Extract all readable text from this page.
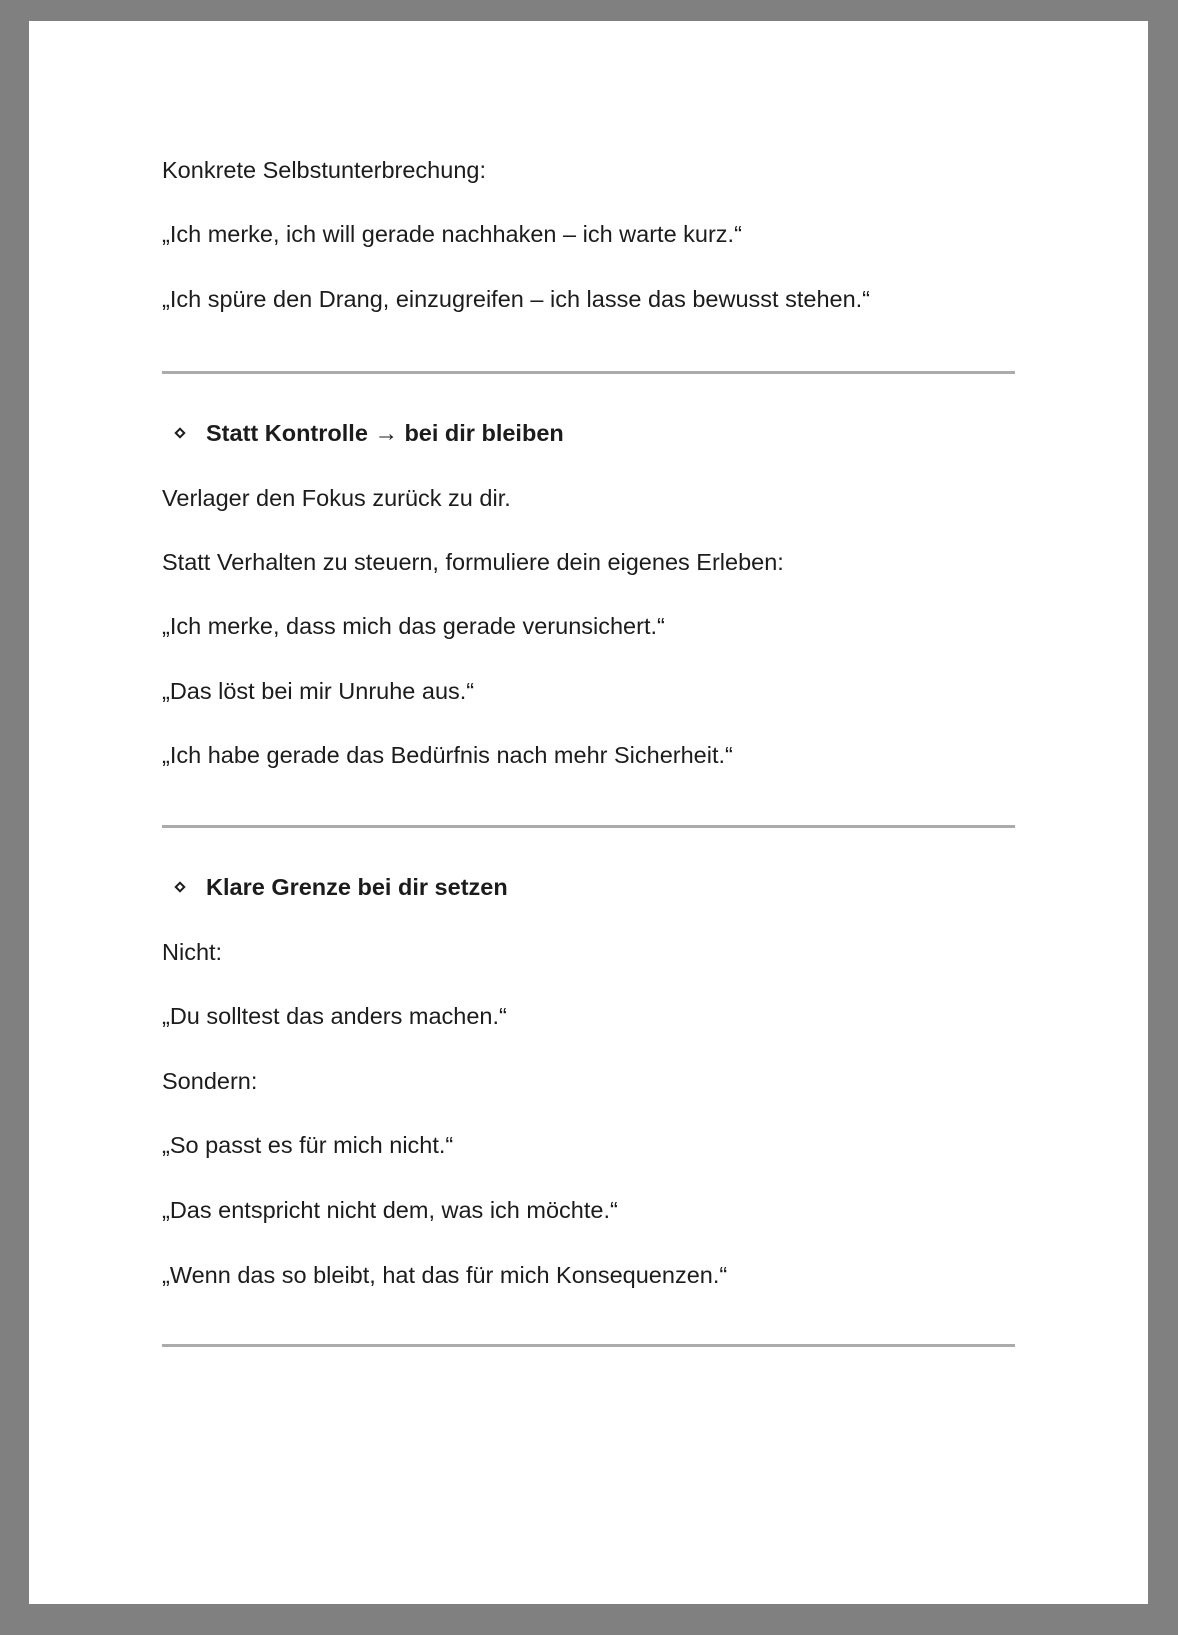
Konkrete Selbstunterbrechung:

„Ich merke, ich will gerade nachhaken – ich warte kurz.“

„Ich spüre den Drang, einzugreifen – ich lasse das bewusst stehen.“

Statt Kontrolle → bei dir bleiben

Verlager den Fokus zurück zu dir.

Statt Verhalten zu steuern, formuliere dein eigenes Erleben:

„Ich merke, dass mich das gerade verunsichert.“

„Das löst bei mir Unruhe aus.“

„Ich habe gerade das Bedürfnis nach mehr Sicherheit.“

Klare Grenze bei dir setzen

Nicht:

„Du solltest das anders machen.“

Sondern:

„So passt es für mich nicht.“

„Das entspricht nicht dem, was ich möchte.“

„Wenn das so bleibt, hat das für mich Konsequenzen.“
